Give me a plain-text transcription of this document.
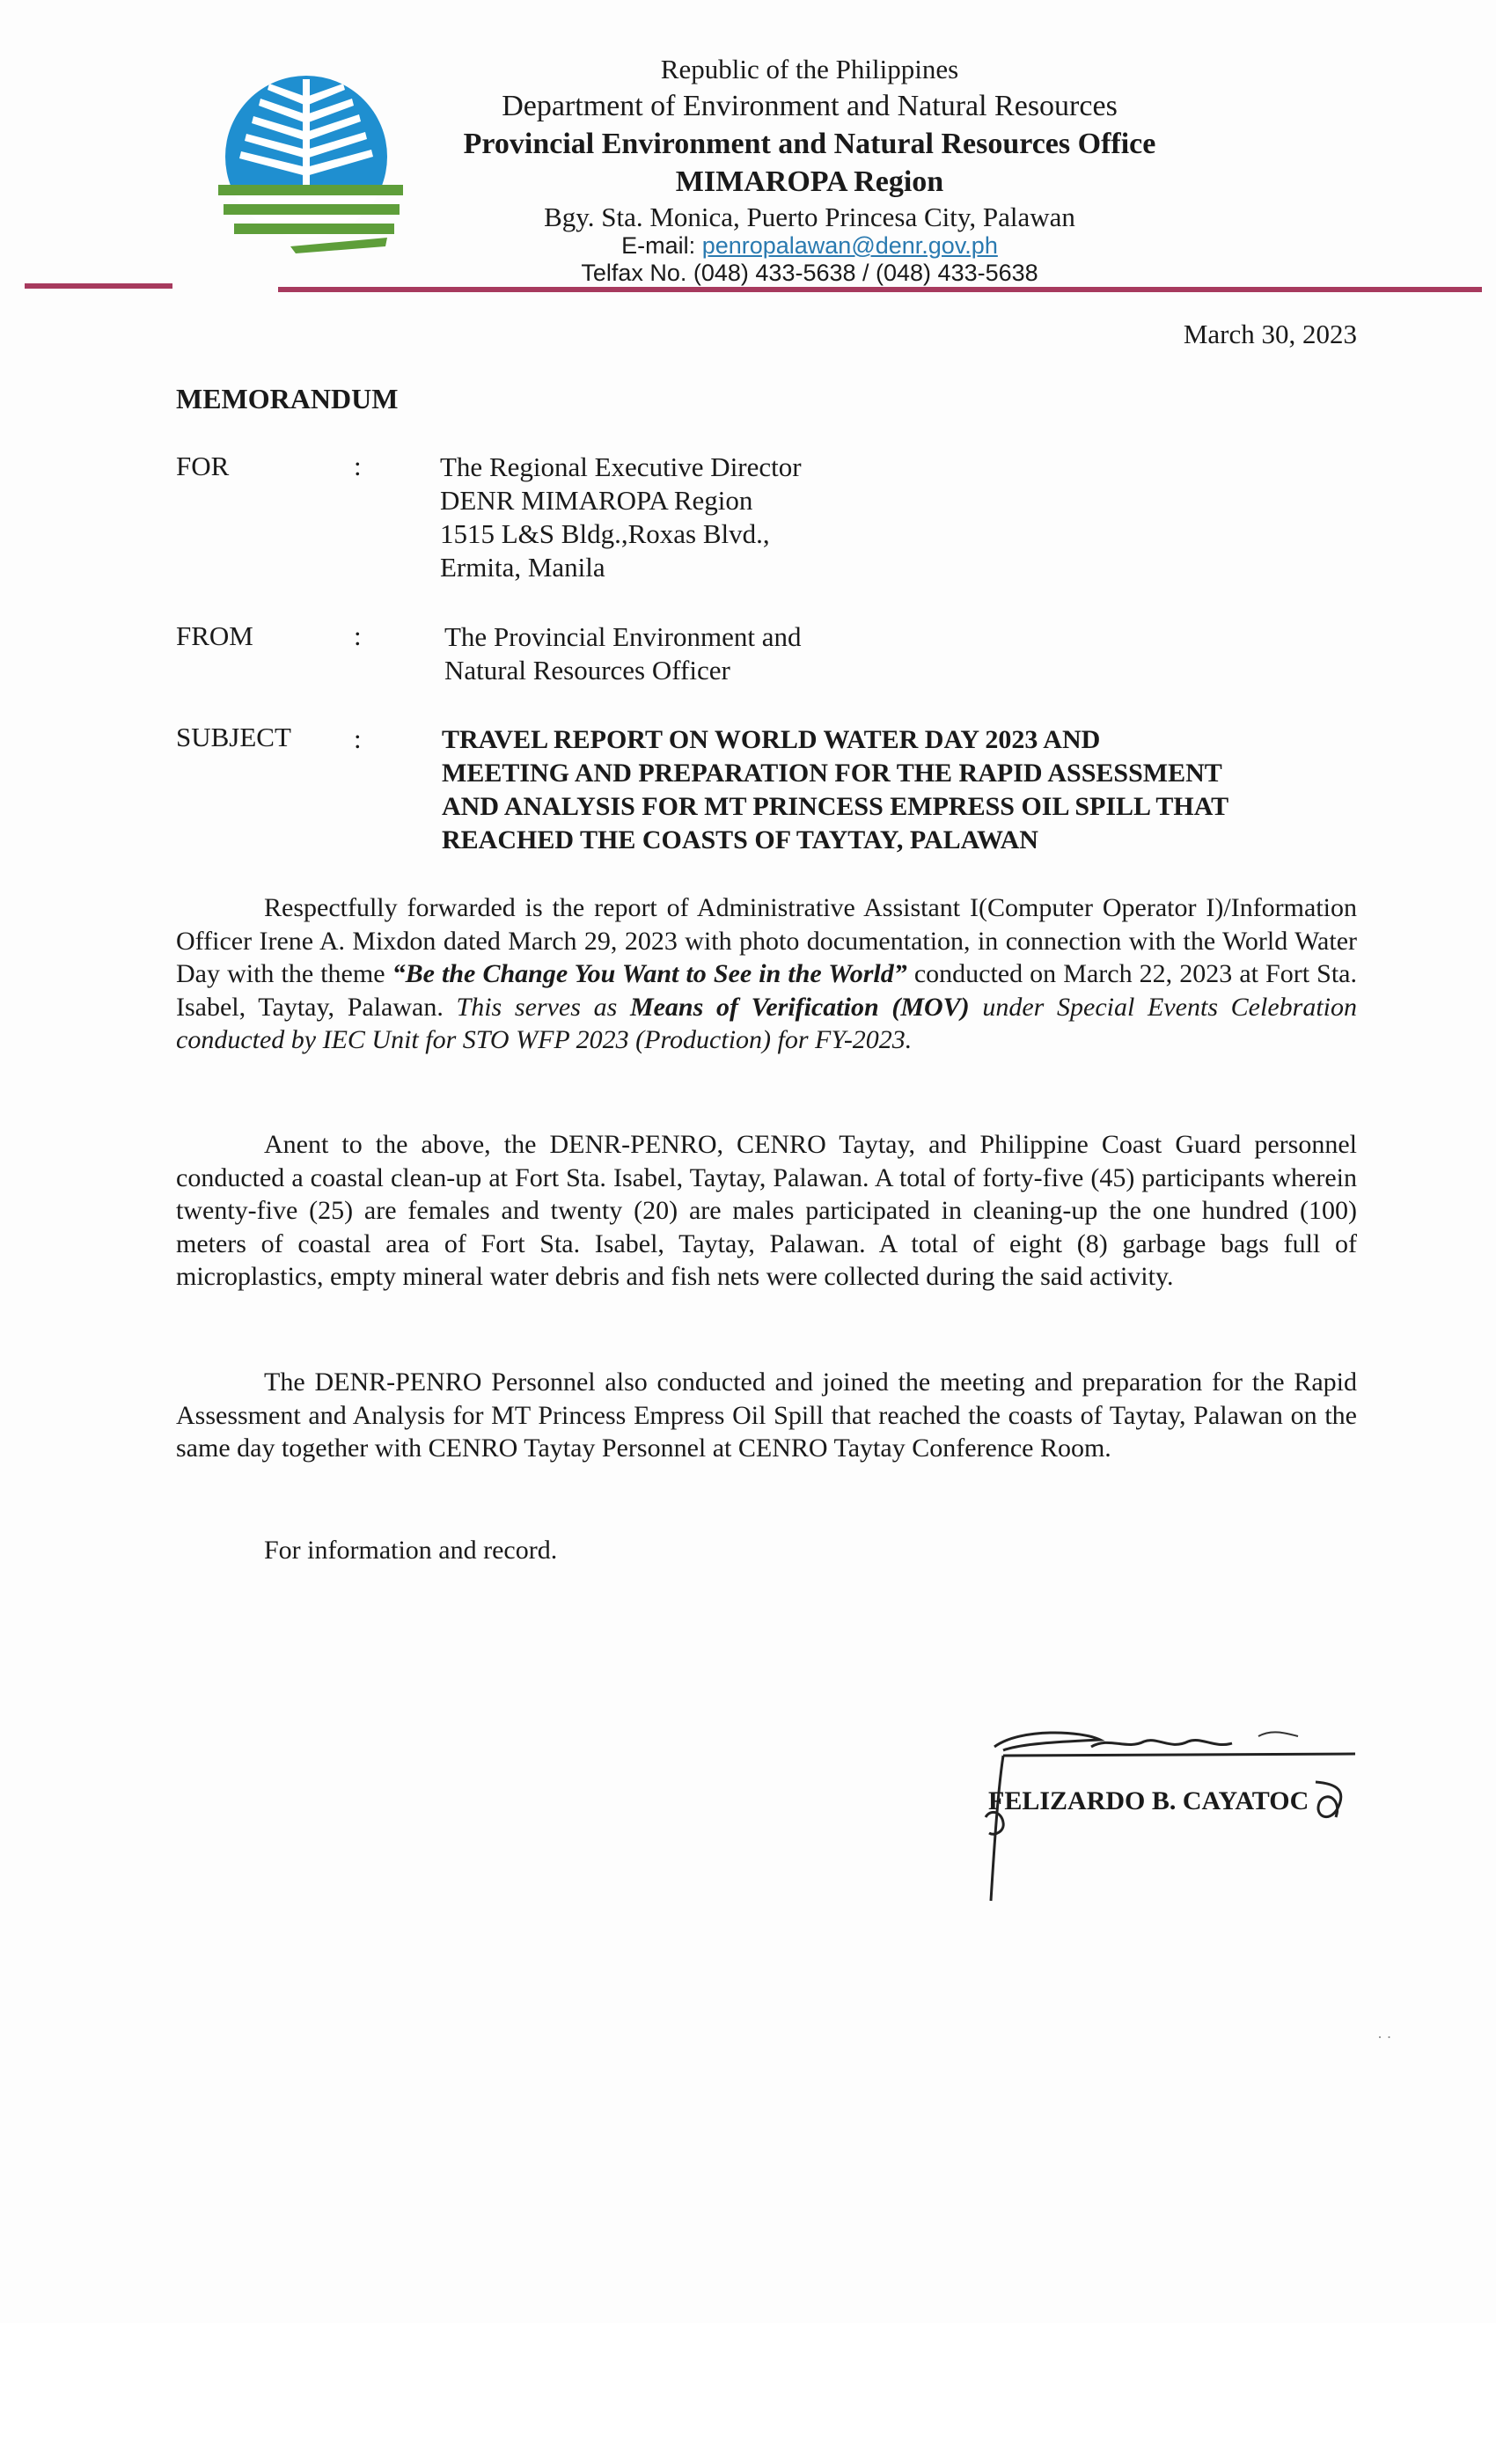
Republic of the Philippines
Department of Environment and Natural Resources
Provincial Environment and Natural Resources Office
MIMAROPA Region
Bgy. Sta. Monica, Puerto Princesa City, Palawan
E-mail: penropalawan@denr.gov.ph
Telfax No. (048) 433-5638 / (048) 433-5638
March 30, 2023
MEMORANDUM
FOR	:	The Regional Executive Director
DENR MIMAROPA Region
1515 L&S Bldg.,Roxas Blvd.,
Ermita, Manila
FROM	:	The Provincial Environment and
Natural Resources Officer
SUBJECT :	TRAVEL REPORT ON WORLD WATER DAY 2023 AND
MEETING AND PREPARATION FOR THE RAPID ASSESSMENT
AND ANALYSIS FOR MT PRINCESS EMPRESS OIL SPILL THAT
REACHED THE COASTS OF TAYTAY, PALAWAN
Respectfully forwarded is the report of Administrative Assistant I(Computer Operator I)/Information Officer Irene A. Mixdon dated March 29, 2023 with photo documentation, in connection with the World Water Day with the theme “Be the Change You Want to See in the World” conducted on March 22, 2023 at Fort Sta. Isabel, Taytay, Palawan. This serves as Means of Verification (MOV) under Special Events Celebration conducted by IEC Unit for STO WFP 2023 (Production) for FY-2023.
Anent to the above, the DENR-PENRO, CENRO Taytay, and Philippine Coast Guard personnel conducted a coastal clean-up at Fort Sta. Isabel, Taytay, Palawan. A total of forty-five (45) participants wherein twenty-five (25) are females and twenty (20) are males participated in cleaning-up the one hundred (100) meters of coastal area of Fort Sta. Isabel, Taytay, Palawan. A total of eight (8) garbage bags full of microplastics, empty mineral water debris and fish nets were collected during the said activity.
The DENR-PENRO Personnel also conducted and joined the meeting and preparation for the Rapid Assessment and Analysis for MT Princess Empress Oil Spill that reached the coasts of Taytay, Palawan on the same day together with CENRO Taytay Personnel at CENRO Taytay Conference Room.
For information and record.
FELIZARDO B. CAYATOC
· ·
